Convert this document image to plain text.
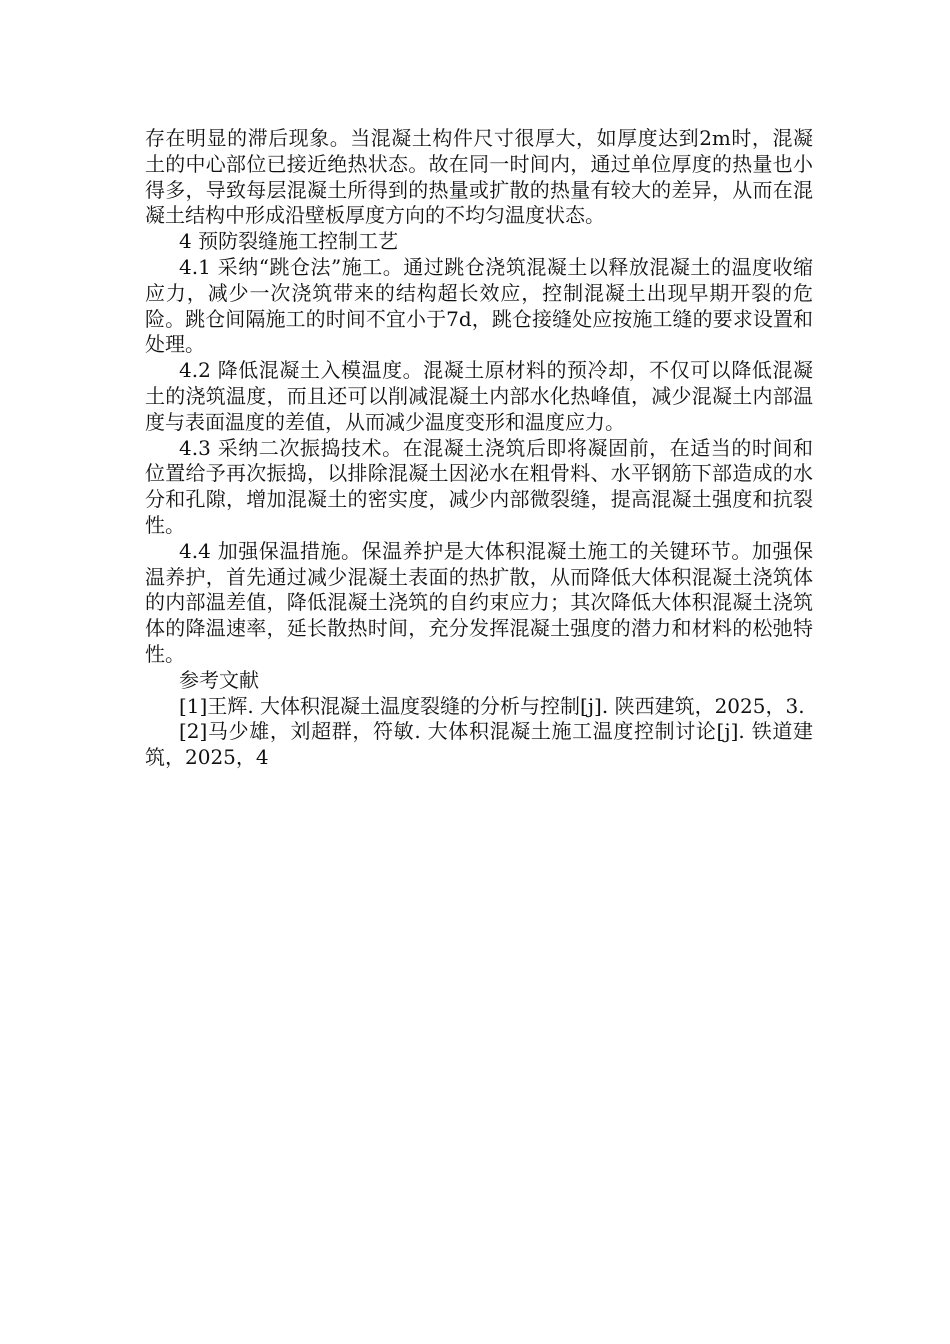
存在明显的滞后现象。当混凝土构件尺寸很厚大，如厚度达到2m时，混凝土的中心部位已接近绝热状态。故在同一时间内，通过单位厚度的热量也小得多，导致每层混凝土所得到的热量或扩散的热量有较大的差异，从而在混凝土结构中形成沿壁板厚度方向的不均匀温度状态。

4 预防裂缝施工控制工艺

4.1 采纳“跳仓法”施工。通过跳仓浇筑混凝土以释放混凝土的温度收缩应力，减少一次浇筑带来的结构超长效应，控制混凝土出现早期开裂的危险。跳仓间隔施工的时间不宜小于7d，跳仓接缝处应按施工缝的要求设置和处理。

4.2 降低混凝土入模温度。混凝土原材料的预冷却，不仅可以降低混凝土的浇筑温度，而且还可以削减混凝土内部水化热峰值，减少混凝土内部温度与表面温度的差值，从而减少温度变形和温度应力。

4.3 采纳二次振捣技术。在混凝土浇筑后即将凝固前，在适当的时间和位置给予再次振捣，以排除混凝土因泌水在粗骨料、水平钢筋下部造成的水分和孔隙，增加混凝土的密实度，减少内部微裂缝，提高混凝土强度和抗裂性。

4.4 加强保温措施。保温养护是大体积混凝土施工的关键环节。加强保温养护，首先通过减少混凝土表面的热扩散，从而降低大体积混凝土浇筑体的内部温差值，降低混凝土浇筑的自约束应力；其次降低大体积混凝土浇筑体的降温速率，延长散热时间，充分发挥混凝土强度的潜力和材料的松弛特性。

参考文献

[1]王辉. 大体积混凝土温度裂缝的分析与控制[j]. 陕西建筑，2025，3.

[2]马少雄，刘超群，符敏. 大体积混凝土施工温度控制讨论[j]. 铁道建筑，2025，4
